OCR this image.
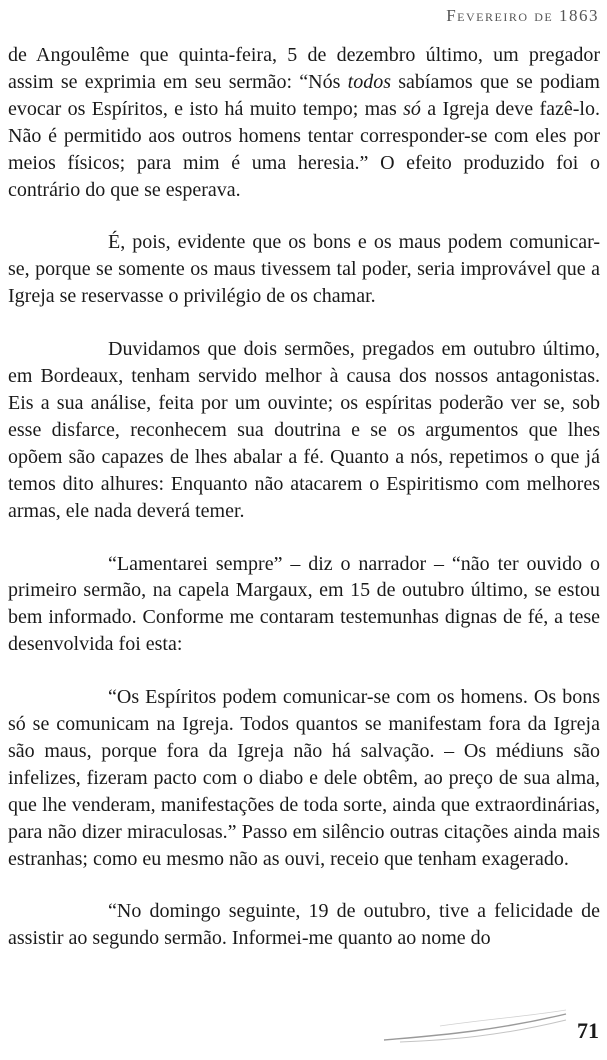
Fevereiro de 1863

de Angoulême que quinta-feira, 5 de dezembro último, um pregador assim se exprimia em seu sermão: “Nós todos sabíamos que se podiam evocar os Espíritos, e isto há muito tempo; mas só a Igreja deve fazê-lo. Não é permitido aos outros homens tentar corresponder-se com eles por meios físicos; para mim é uma heresia.” O efeito produzido foi o contrário do que se esperava.

É, pois, evidente que os bons e os maus podem comunicar-se, porque se somente os maus tivessem tal poder, seria improvável que a Igreja se reservasse o privilégio de os chamar.

Duvidamos que dois sermões, pregados em outubro último, em Bordeaux, tenham servido melhor à causa dos nossos antagonistas. Eis a sua análise, feita por um ouvinte; os espíritas poderão ver se, sob esse disfarce, reconhecem sua doutrina e se os argumentos que lhes opõem são capazes de lhes abalar a fé. Quanto a nós, repetimos o que já temos dito alhures: Enquanto não atacarem o Espiritismo com melhores armas, ele nada deverá temer.

“Lamentarei sempre” – diz o narrador – “não ter ouvido o primeiro sermão, na capela Margaux, em 15 de outubro último, se estou bem informado. Conforme me contaram testemunhas dignas de fé, a tese desenvolvida foi esta:

“Os Espíritos podem comunicar-se com os homens. Os bons só se comunicam na Igreja. Todos quantos se manifestam fora da Igreja são maus, porque fora da Igreja não há salvação. – Os médiuns são infelizes, fizeram pacto com o diabo e dele obtêm, ao preço de sua alma, que lhe venderam, manifestações de toda sorte, ainda que extraordinárias, para não dizer miraculosas.” Passo em silêncio outras citações ainda mais estranhas; como eu mesmo não as ouvi, receio que tenham exagerado.

“No domingo seguinte, 19 de outubro, tive a felicidade de assistir ao segundo sermão. Informei-me quanto ao nome do

71
